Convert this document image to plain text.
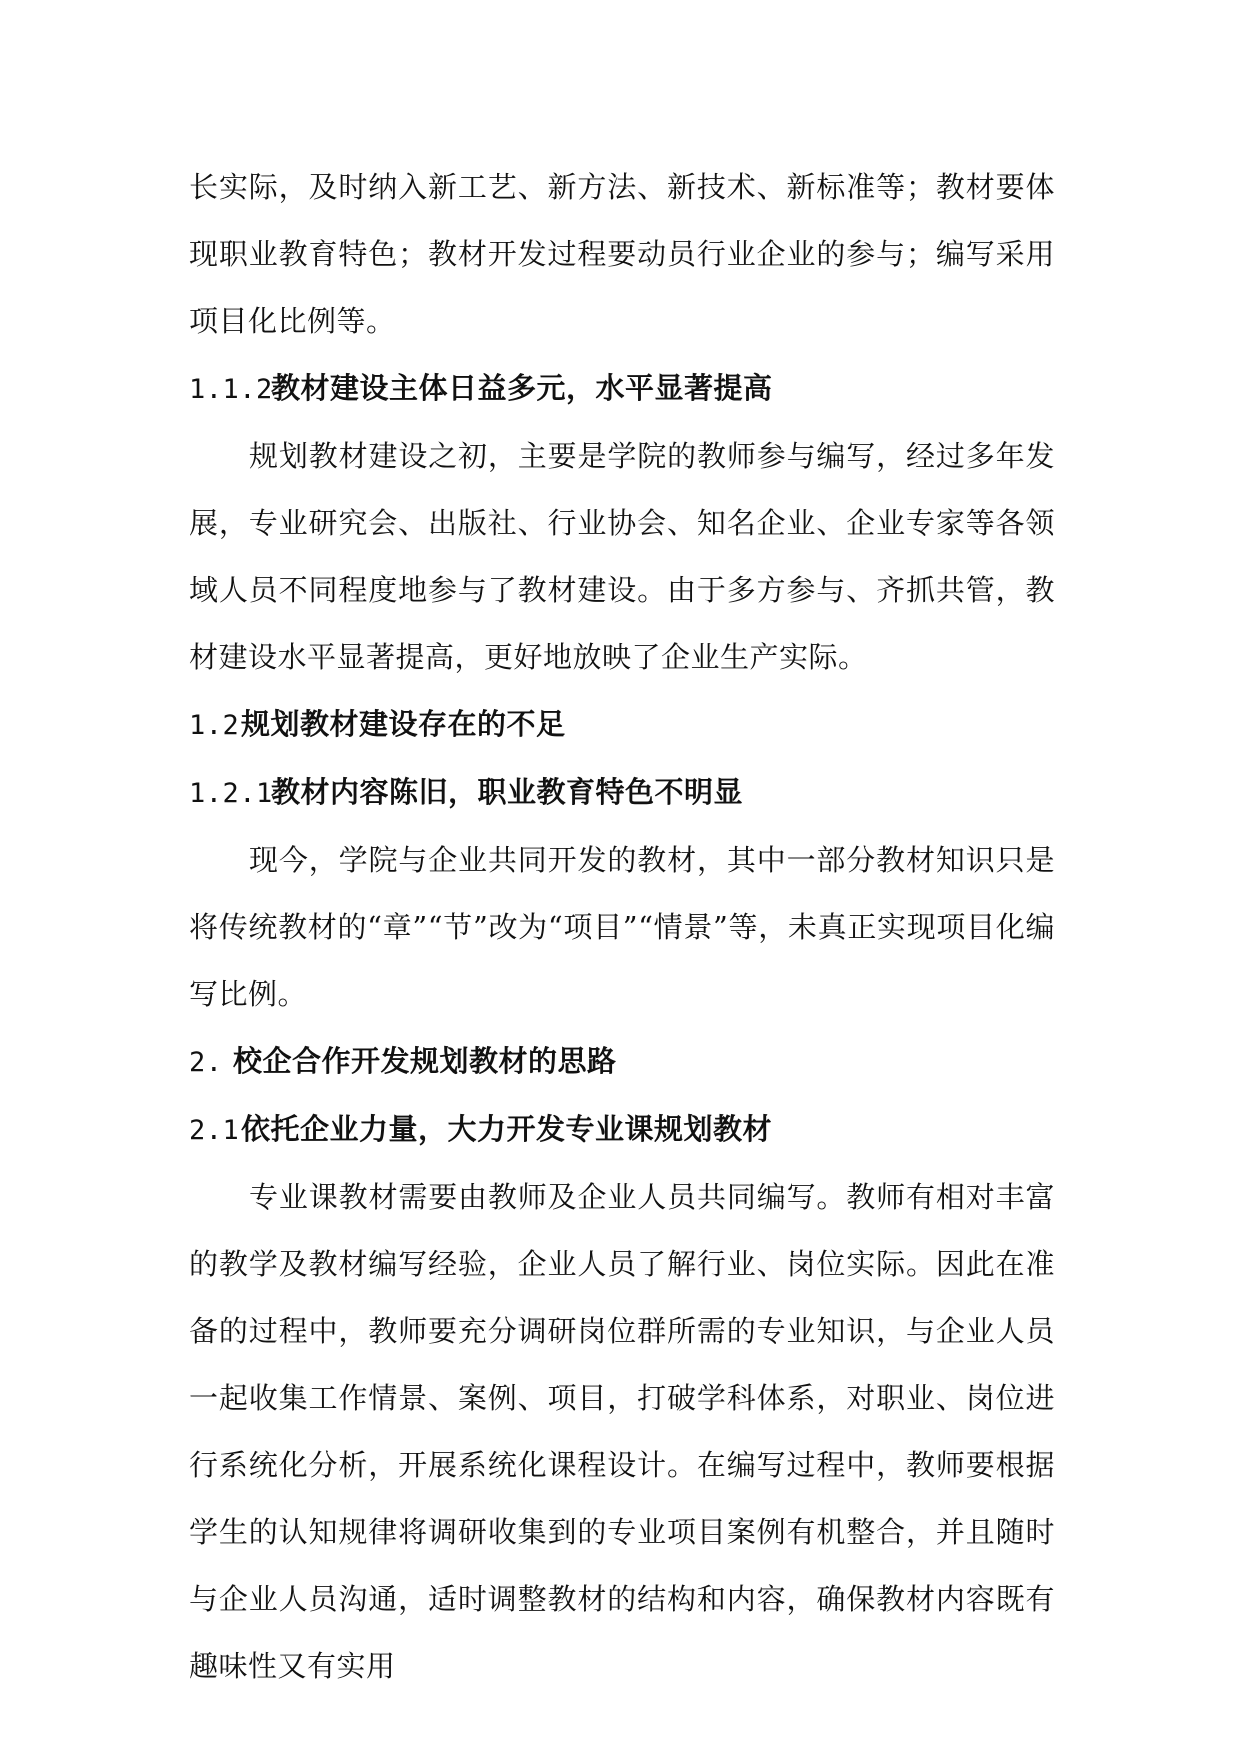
长实际，及时纳入新工艺、新方法、新技术、新标准等；教材要体现职业教育特色；教材开发过程要动员行业企业的参与；编写采用项目化比例等。

1.1.2教材建设主体日益多元，水平显著提高

规划教材建设之初，主要是学院的教师参与编写，经过多年发展，专业研究会、出版社、行业协会、知名企业、企业专家等各领域人员不同程度地参与了教材建设。由于多方参与、齐抓共管，教材建设水平显著提高，更好地放映了企业生产实际。

1.2规划教材建设存在的不足

1.2.1教材内容陈旧，职业教育特色不明显

现今，学院与企业共同开发的教材，其中一部分教材知识只是将传统教材的“章”“节”改为“项目”“情景”等，未真正实现项目化编写比例。

2. 校企合作开发规划教材的思路

2.1依托企业力量，大力开发专业课规划教材

专业课教材需要由教师及企业人员共同编写。教师有相对丰富的教学及教材编写经验，企业人员了解行业、岗位实际。因此在准备的过程中，教师要充分调研岗位群所需的专业知识，与企业人员一起收集工作情景、案例、项目，打破学科体系，对职业、岗位进行系统化分析，开展系统化课程设计。在编写过程中，教师要根据学生的认知规律将调研收集到的专业项目案例有机整合，并且随时与企业人员沟通，适时调整教材的结构和内容，确保教材内容既有趣味性又有实用
